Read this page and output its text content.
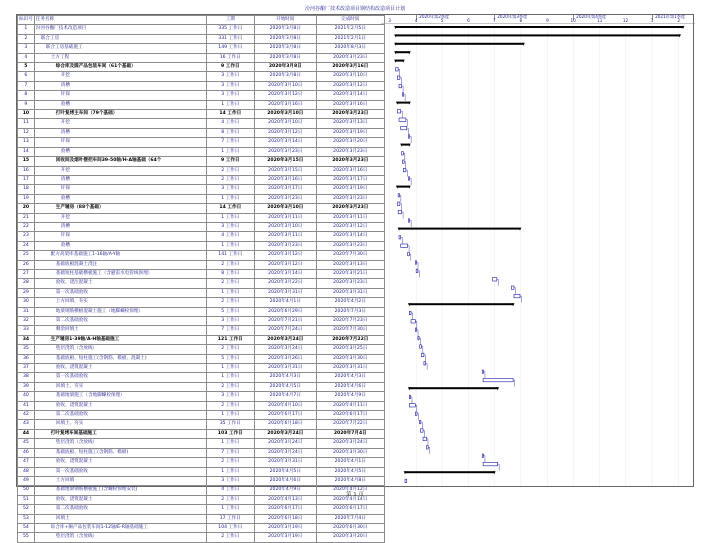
汾河谷酿厂技术改造项目钢结构改造项目计划
标识号	任务名称	工期	开始时间	完成时间
1	汾河谷酿厂技术改造项目	335 工作日	2020年3月8日	2021年2月5日
2	联合工房	331 工作日	2020年3月8日	2021年2月1日
3	联合工房基础施工	149 工作日	2020年3月8日	2020年8月3日
4	土方工程	16 工作日	2020年3月8日	2020年3月23日
5	综合库及圆产品包装车间（61个基础）	9 工作日	2020年3月8日	2020年3月16日
6	开挖	3 工作日	2020年3月8日	2020年3月10日
7	清槽	3 工作日	2020年3月10日	2020年3月12日
8	钎探	3 工作日	2020年3月12日	2020年3月14日
9	验槽	1 工作日	2020年3月16日	2020年3月16日
10	打叶复烤主车间（79个基础）	14 工作日	2020年3月10日	2020年3月23日
11	开挖	4 工作日	2020年3月10日	2020年3月13日
12	清槽	8 工作日	2020年3月12日	2020年3月19日
13	钎探	7 工作日	2020年3月14日	2020年3月20日
14	验槽	1 工作日	2020年3月23日	2020年3月23日
15	回收间及烟叶摆把车间39-50轴/H-A轴基础（64个	9 工作日	2020年3月15日	2020年3月23日
16	开挖	2 工作日	2020年3月15日	2020年3月16日
17	清槽	2 工作日	2020年3月16日	2020年3月17日
18	钎探	3 工作日	2020年3月17日	2020年3月19日
19	验槽	1 工作日	2020年3月23日	2020年3月23日
20	生产辅房（88个基础）	14 工作日	2020年3月10日	2020年3月23日
21	开挖	1 工作日	2020年3月11日	2020年3月11日
22	清槽	3 工作日	2020年3月10日	2020年3月12日
23	钎探	4 工作日	2020年3月11日	2020年3月14日
24	验槽	1 工作日	2020年3月23日	2020年3月23日
25	配方高架库基础施工1-16轴/A-Y轴	141 工作日	2020年3月12日	2020年7月30日
26	基础底板混凝土浇注	2 工作日	2020年3月12日	2020年3月13日
27	基础短柱基础横板施工（含避雷水电管线预埋）	8 工作日	2020年3月14日	2020年3月21日
28	验收、浇注混凝土	2 工作日	2020年3月22日	2020年3月23日
29	第一次基础验收	1 工作日	2020年3月31日	2020年3月31日
30	上方回填、夯实	2 工作日	2020年4月1日	2020年4月2日
31	地梁钢筋横板混凝土施工（地脚螺栓预埋）	5 工作日	2020年6月29日	2020年7月3日
32	第二次基础验收	3 工作日	2020年7月21日	2020年7月23日
33	剩余回填土	7 工作日	2020年7月24日	2020年7月30日
34	生产辅房1-39轴/A-H轴基础施工	121 工作日	2020年3月24日	2020年7月22日
35	垫层浇筑（含放线）	2 工作日	2020年3月24日	2020年3月25日
36	基础底板、短柱施工(含钢筋、模板、混凝土)	5 工作日	2020年3月26日	2020年3月30日
37	验收、浇筑混凝土	1 工作日	2020年3月31日	2020年3月31日
38	第一次基础验收	1 工作日	2020年4月3日	2020年4月3日
39	回填土、夯实	2 工作日	2020年4月5日	2020年4月6日
40	基础地梁施工（含地脚螺栓预埋）	3 工作日	2020年4月7日	2020年4月9日
41	验收、浇筑混凝土	2 工作日	2020年4月10日	2020年4月11日
42	第二次基础验收	1 工作日	2020年6月17日	2020年6月17日
43	回填土、夯实	35 工作日	2020年6月18日	2020年7月22日
44	打叶复烤车间基础施工	103 工作日	2020年3月24日	2020年7月4日
45	垫层浇筑（含放线）	1 工作日	2020年3月24日	2020年3月24日
46	基础底板、短柱施工(含钢筋、模板)	7 工作日	2020年3月24日	2020年3月30日
47	验收、浇筑混凝土	2 工作日	2020年3月31日	2020年4月1日
48	第一次基础验收	1 工作日	2020年4月5日	2020年4月5日
49	土方回填	3 工作日	2020年4月6日	2020年4月8日
50	基础地梁钢筋横板施工(含螺栓预埋安装)	4 工作日	2020年4月9日	2020年4月12日
51	验收、浇筑混凝土	2 工作日	2020年4月13日	2020年4月14日
52	第二次基础验收	1 工作日	2020年6月17日	2020年6月17日
53	回填土	17 工作日	2020年6月18日	2020年7月4日
54	综合库+阑产品包装车间1-12轴/E-R轴基础施工	104 工作日	2020年3月19日	2020年6月30日
55	垫层浇筑（含放线）	2 工作日	2020年3月19日	2020年3月20日
2020年第2季度	2020年第3季度	2020年第4季度	2021年第1季度
3	4	5	6	7	8	9	10	11	12	1	2
第 1 页
